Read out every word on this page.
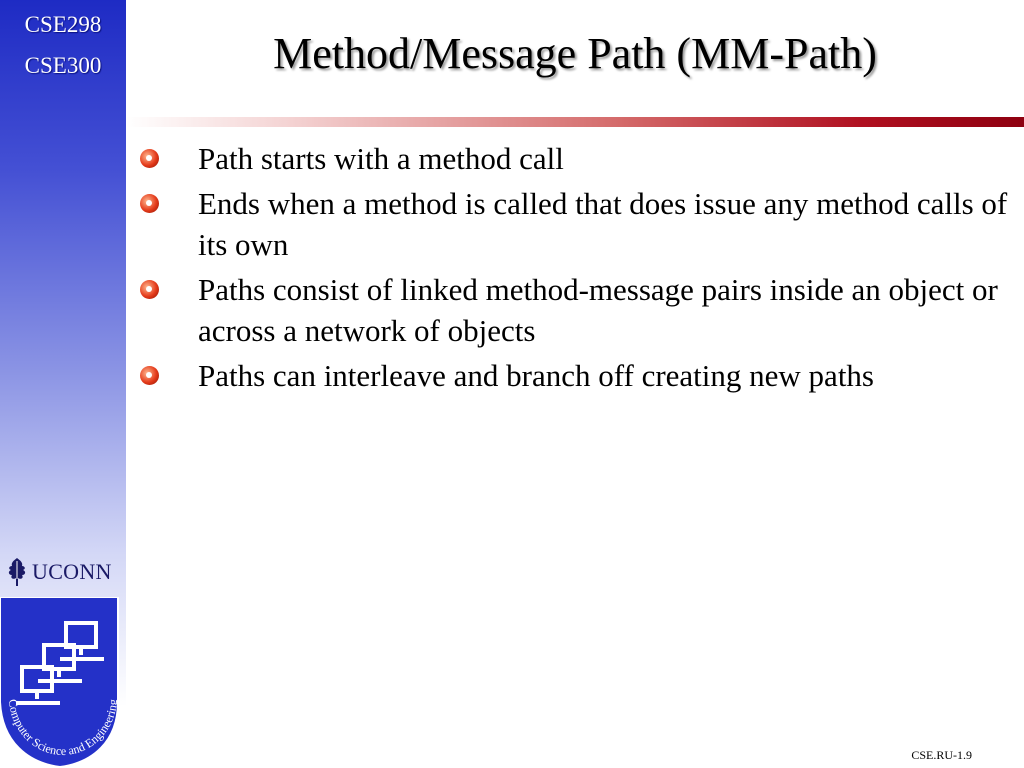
CSE298
CSE300
UCONN
Computer Science and Engineering
Method/Message Path (MM-Path)
Path starts with a method call
Ends when a method is called that does issue any method calls of its own
Paths consist of linked method-message pairs inside an object or across a network of objects
Paths can interleave and branch off creating new paths
CSE.RU-1.9
